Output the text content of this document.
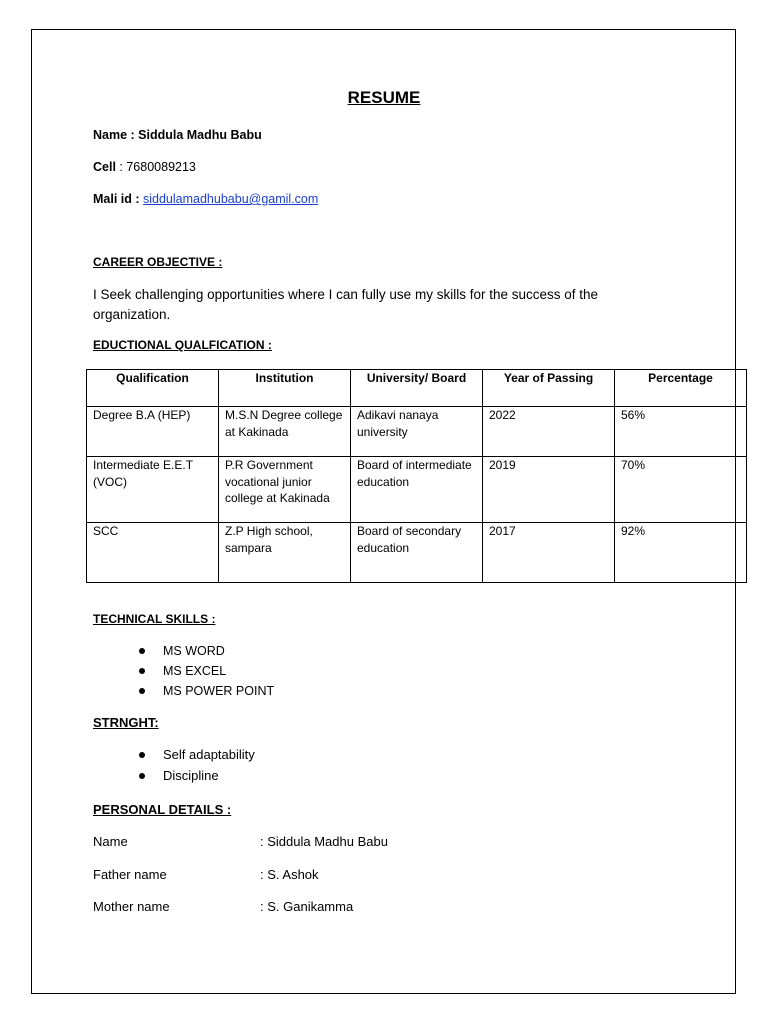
RESUME
Name : Siddula Madhu Babu
Cell : 7680089213
Mali id : siddulamadhubabu@gamil.com
CAREER OBJECTIVE :
I Seek challenging opportunities where I can fully use my skills for the success of the organization.
EDUCTIONAL QUALFICATION :
Qualification	Institution	University/ Board	Year of Passing	Percentage
Degree B.A (HEP)	M.S.N Degree college at Kakinada	Adikavi nanaya university	2022	56%
Intermediate E.E.T (VOC)	P.R Government vocational junior college at Kakinada	Board of intermediate education	2019	70%
SCC	Z.P High school, sampara	Board of secondary education	2017	92%
TECHNICAL SKILLS :
MS WORD
MS EXCEL
MS POWER POINT
STRNGHT:
Self adaptability
Discipline
PERSONAL DETAILS :
Name	: Siddula Madhu Babu
Father name	: S. Ashok
Mother name	: S. Ganikamma
